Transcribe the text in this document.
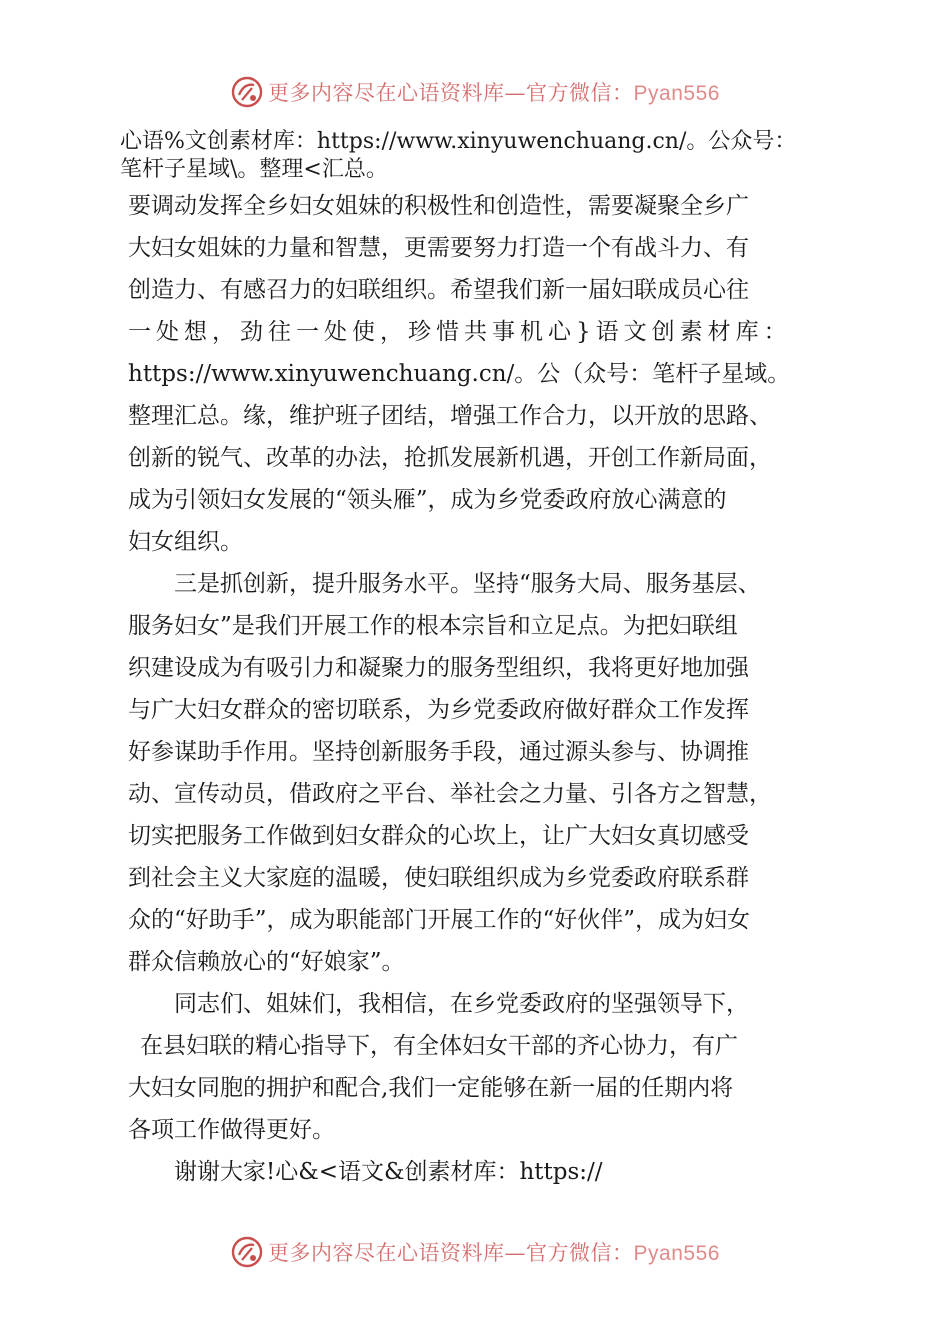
更多内容尽在心语资料库—官方微信：Pyan556
心语%文创素材库：https://www.xinyuwenchuang.cn/。公众号：
笔杆子星域\。整理<汇总。
要调动发挥全乡妇女姐妹的积极性和创造性，需要凝聚全乡广
大妇女姐妹的力量和智慧，更需要努力打造一个有战斗力、有
创造力、有感召力的妇联组织。希望我们新一届妇联成员心往
一处想，劲往一处使，珍惜共事机心}语文创素材库：
https://www.xinyuwenchuang.cn/。公（众号：笔杆子星域。
整理汇总。缘，维护班子团结，增强工作合力，以开放的思路、
创新的锐气、改革的办法，抢抓发展新机遇，开创工作新局面，
成为引领妇女发展的“领头雁”，成为乡党委政府放心满意的
妇女组织。
三是抓创新，提升服务水平。坚持“服务大局、服务基层、
服务妇女”是我们开展工作的根本宗旨和立足点。为把妇联组
织建设成为有吸引力和凝聚力的服务型组织，我将更好地加强
与广大妇女群众的密切联系，为乡党委政府做好群众工作发挥
好参谋助手作用。坚持创新服务手段，通过源头参与、协调推
动、宣传动员，借政府之平台、举社会之力量、引各方之智慧，
切实把服务工作做到妇女群众的心坎上，让广大妇女真切感受
到社会主义大家庭的温暖，使妇联组织成为乡党委政府联系群
众的“好助手”，成为职能部门开展工作的“好伙伴”，成为妇女
群众信赖放心的“好娘家”。
同志们、姐妹们，我相信，在乡党委政府的坚强领导下，
在县妇联的精心指导下，有全体妇女干部的齐心协力，有广
大妇女同胞的拥护和配合,我们一定能够在新一届的任期内将
各项工作做得更好。
谢谢大家!心&<语文&创素材库：https://
更多内容尽在心语资料库—官方微信：Pyan556
